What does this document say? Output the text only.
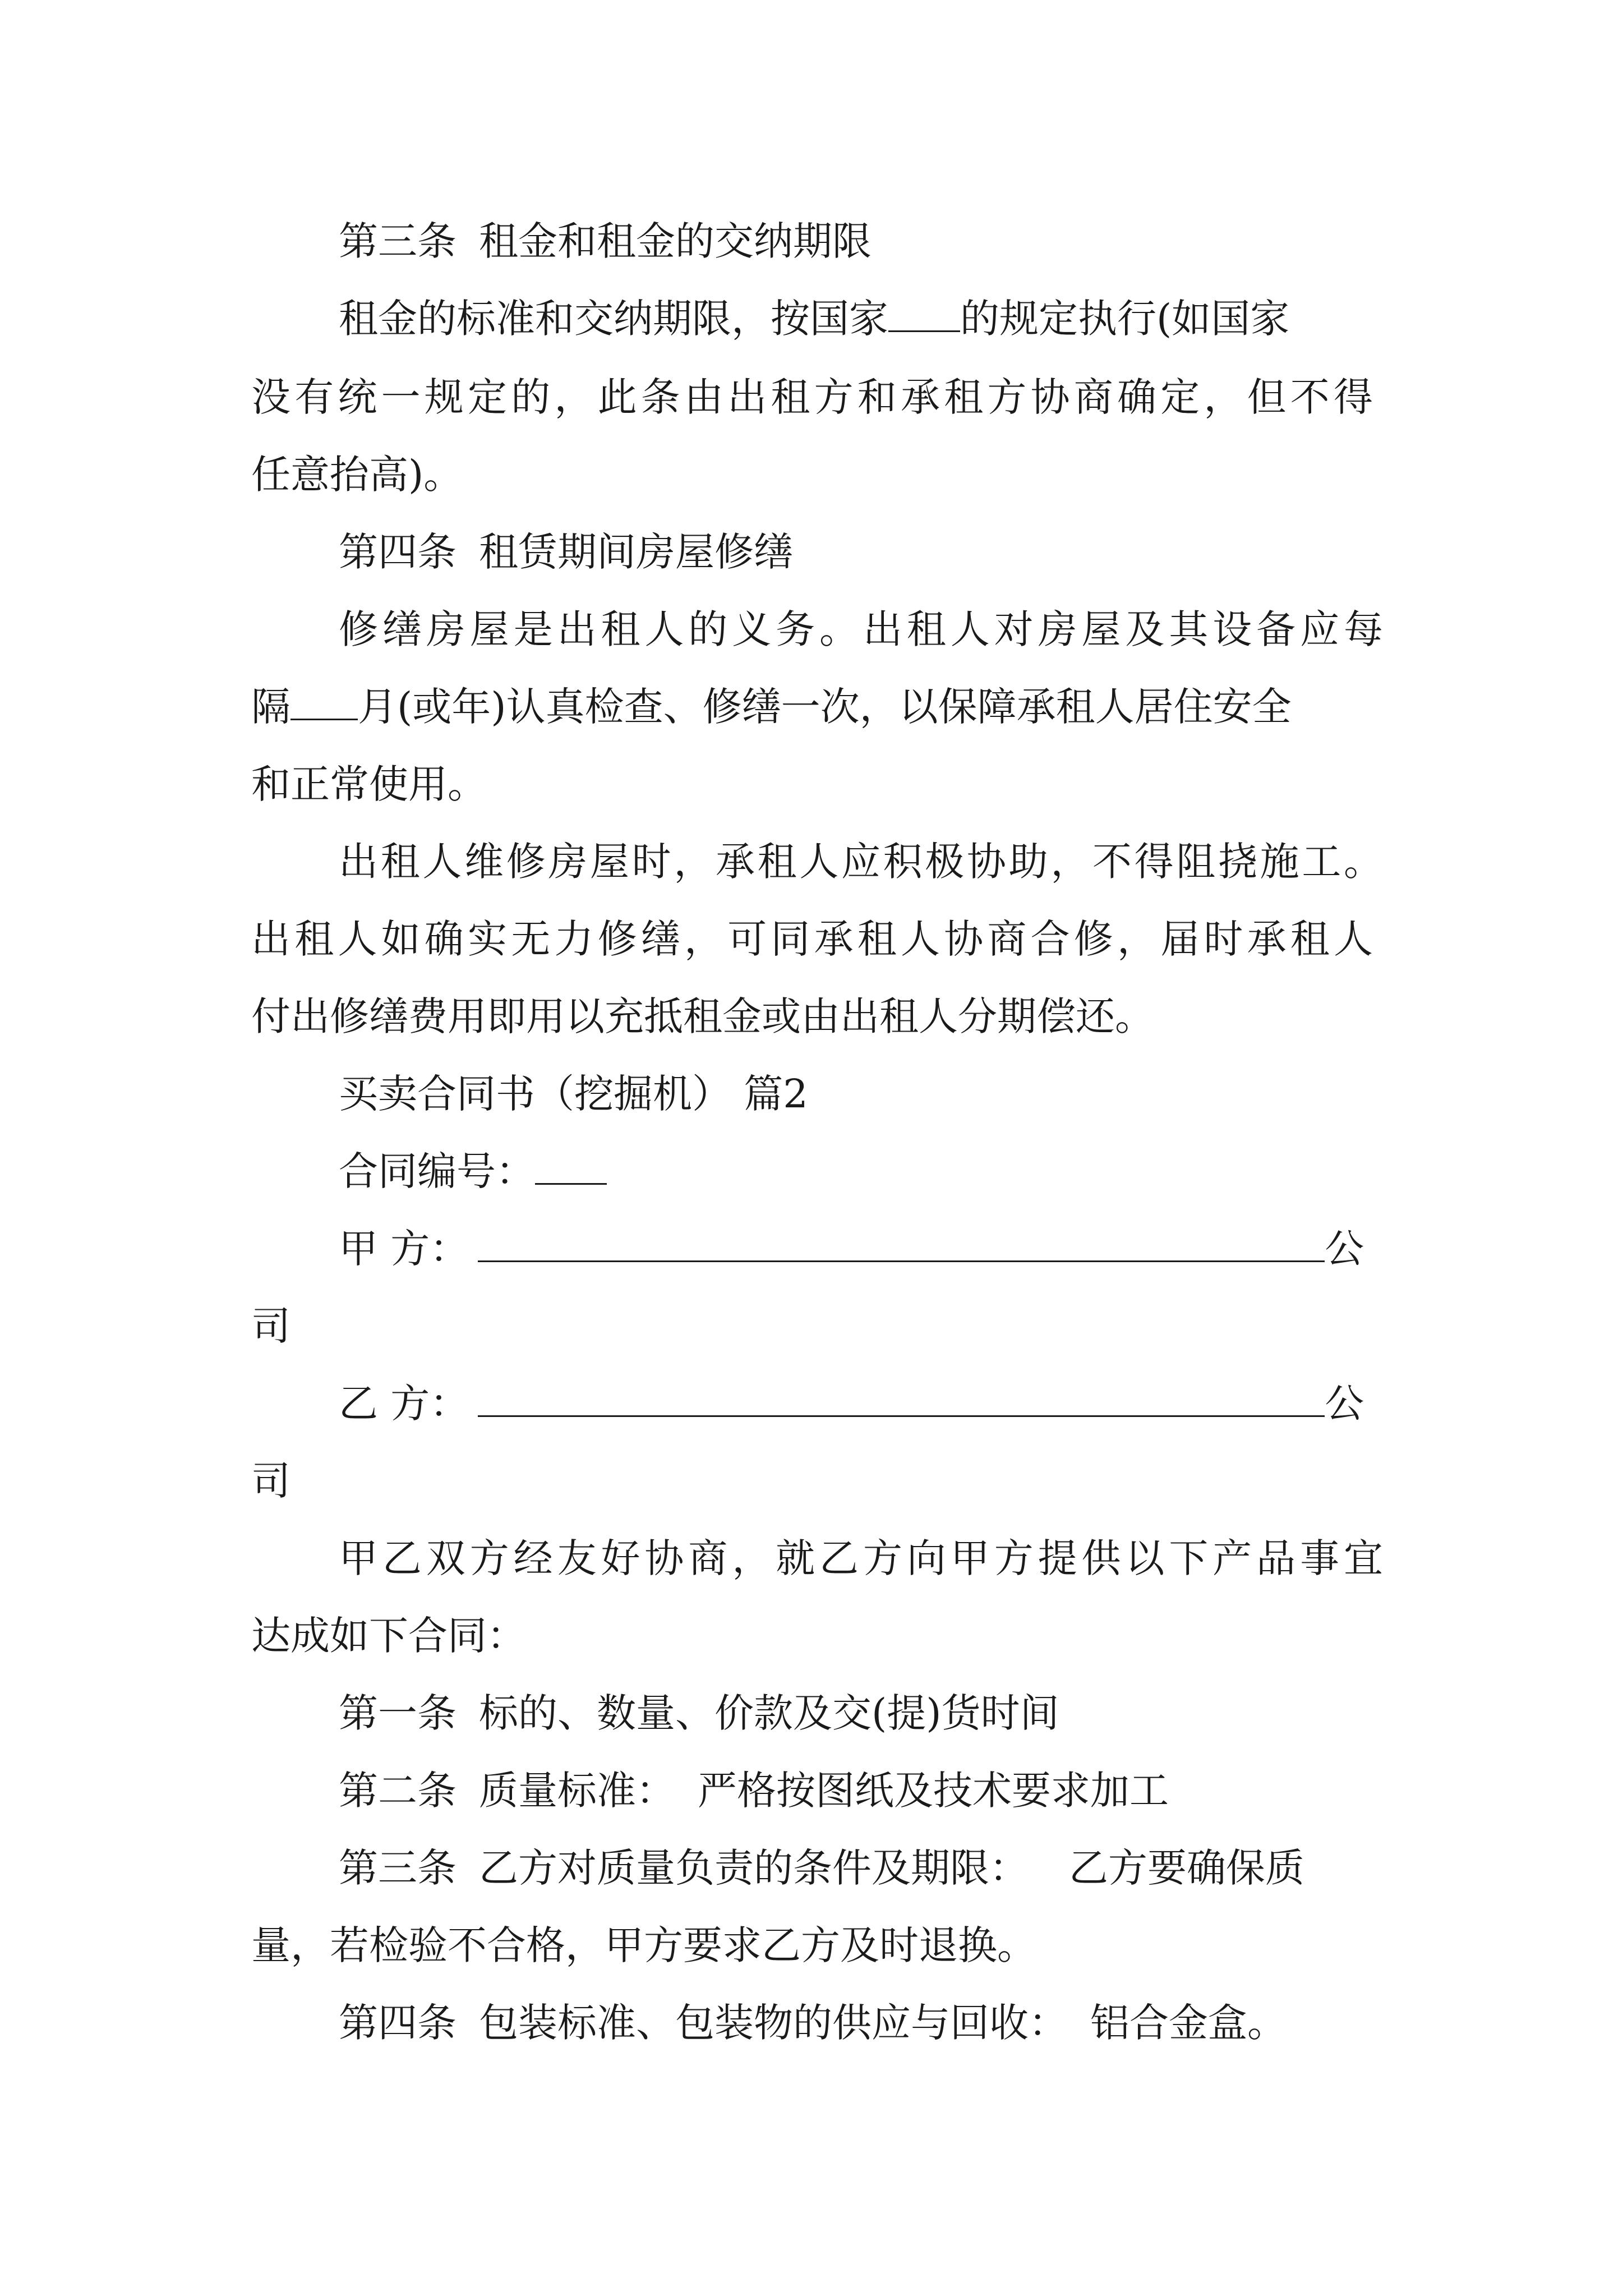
第三条 租金和租金的交纳期限
租金的标准和交纳期限，按国家 的规定执行(如国家
没有统一规定的，此条由出租方和承租方协商确定，但不得
任意抬高)。
第四条 租赁期间房屋修缮
修缮房屋是出租人的义务。出租人对房屋及其设备应每
隔 月(或年)认真检查、修缮一次，以保障承租人居住安全
和正常使用。
出租人维修房屋时，承租人应积极协助，不得阻挠施工。
出租人如确实无力修缮，可同承租人协商合修，届时承租人
付出修缮费用即用以充抵租金或由出租人分期偿还。
买卖合同书（挖掘机） 篇2
合同编号：
甲 方：	公
司
乙 方：	公
司
甲乙双方经友好协商，就乙方向甲方提供以下产品事宜
达成如下合同：
第一条 标的、数量、价款及交(提)货时间
第二条 质量标准： 严格按图纸及技术要求加工
第三条 乙方对质量负责的条件及期限： 乙方要确保质
量，若检验不合格，甲方要求乙方及时退换。
第四条 包装标准、包装物的供应与回收： 铝合金盒。
